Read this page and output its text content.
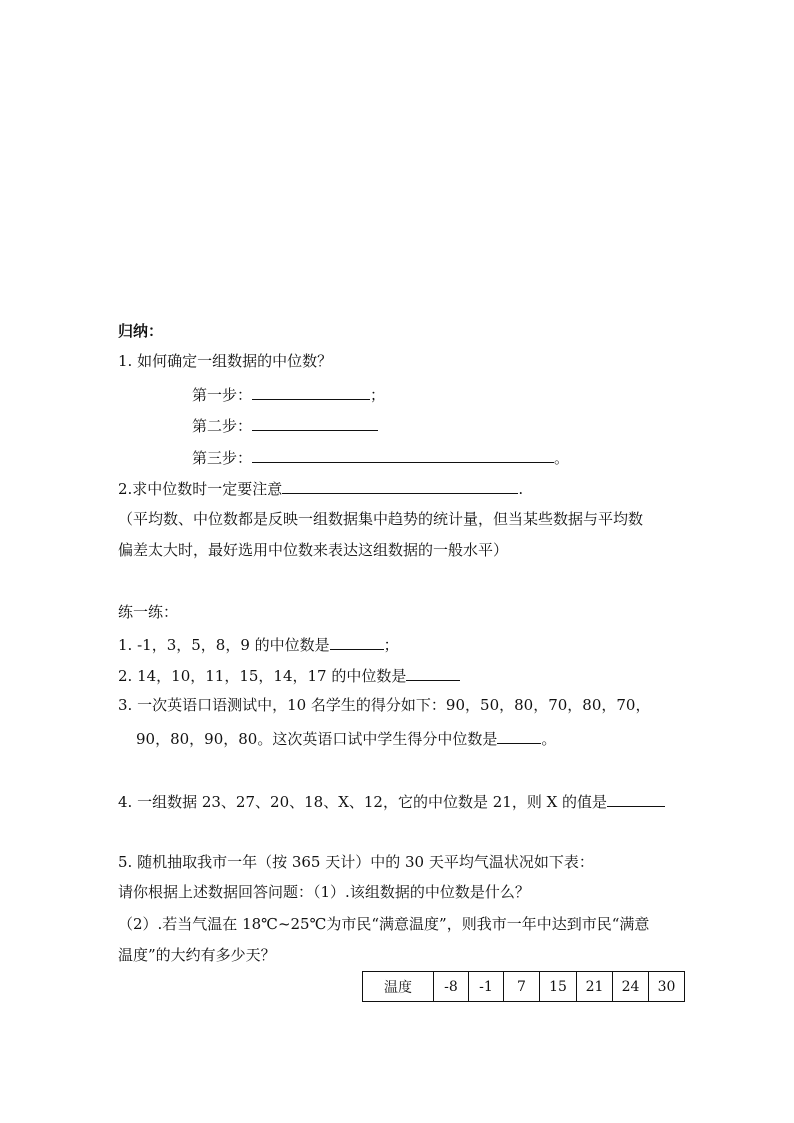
归纳：
1. 如何确定一组数据的中位数？
第一步：	；
第二步：
第三步：	。
2.求中位数时一定要注意	.
（平均数、中位数都是反映一组数据集中趋势的统计量，但当某些数据与平均数
偏差太大时，最好选用中位数来表达这组数据的一般水平）
练一练：
1. -1，3，5，8，9 的中位数是	；
2. 14，10，11，15，14，17 的中位数是
3. 一次英语口语测试中，10 名学生的得分如下：90，50，80，70，80，70，
90，80，90，80。这次英语口试中学生得分中位数是	。
4. 一组数据 23、27、20、18、X、12，它的中位数是 21，则 X 的值是
5. 随机抽取我市一年（按 365 天计）中的 30 天平均气温状况如下表：
请你根据上述数据回答问题：（1）.该组数据的中位数是什么？
（2）.若当气温在 18℃~25℃为市民“满意温度”，则我市一年中达到市民“满意
温度”的大约有多少天？
温度	-8	-1	7	15	21	24	30
